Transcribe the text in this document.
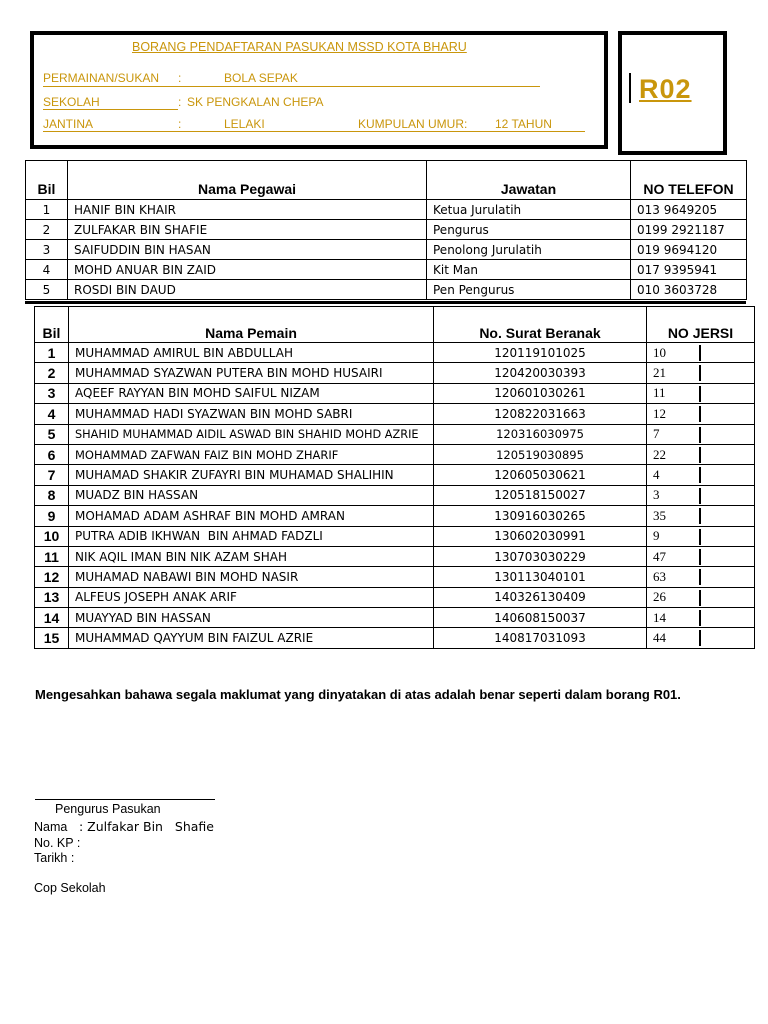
R02
BORANG PENDAFTARAN PASUKAN MSSD KOTA BHARU
PERMAINAN/SUKAN :	BOLA SEPAK
SEKOLAH	: SK PENGKALAN CHEPA
JANTINA	:	LELAKI	KUMPULAN UMUR: 12 TAHUN
Bil	Nama Pegawai	Jawatan	NO TELEFON
1	HANIF BIN KHAIR	Ketua Jurulatih	013 9649205
2	ZULFAKAR BIN SHAFIE	Pengurus	0199 2921187
3	SAIFUDDIN BIN HASAN	Penolong Jurulatih	019 9694120
4	MOHD ANUAR BIN ZAID	Kit Man	017 9395941
5	ROSDI BIN DAUD	Pen Pengurus	010 3603728
Bil	Nama Pemain	No. Surat Beranak	NO JERSI
1	MUHAMMAD AMIRUL BIN ABDULLAH	120119101025	10

2	MUHAMMAD SYAZWAN PUTERA BIN MOHD HUSAIRI	120420030393	21

3	AQEEF RAYYAN BIN MOHD SAIFUL NIZAM	120601030261	11

4	MUHAMMAD HADI SYAZWAN BIN MOHD SABRI	120822031663	12

5	SHAHID MUHAMMAD AIDIL ASWAD BIN SHAHID MOHD AZRIE	120316030975	7

6	MOHAMMAD ZAFWAN FAIZ BIN MOHD ZHARIF	120519030895	22

7	MUHAMAD SHAKIR ZUFAYRI BIN MUHAMAD SHALIHIN	120605030621	4

8	MUADZ BIN HASSAN	120518150027	3

9	MOHAMAD ADAM ASHRAF BIN MOHD AMRAN	130916030265	35

10	PUTRA ADIB IKHWAN  BIN AHMAD FADZLI	130602030991	9

11	NIK AQIL IMAN BIN NIK AZAM SHAH	130703030229	47

12	MUHAMAD NABAWI BIN MOHD NASIR	130113040101	63

13	ALFEUS JOSEPH ANAK ARIF	140326130409	26

14	MUAYYAD BIN HASSAN	140608150037	14

15	MUHAMMAD QAYYUM BIN FAIZUL AZRIE	140817031093	44
Mengesahkan bahawa segala maklumat yang dinyatakan di atas adalah benar seperti dalam borang R01.
Pengurus Pasukan
Nama : Zulfakar Bin   Shafie
No. KP :
Tarikh :
Cop Sekolah
